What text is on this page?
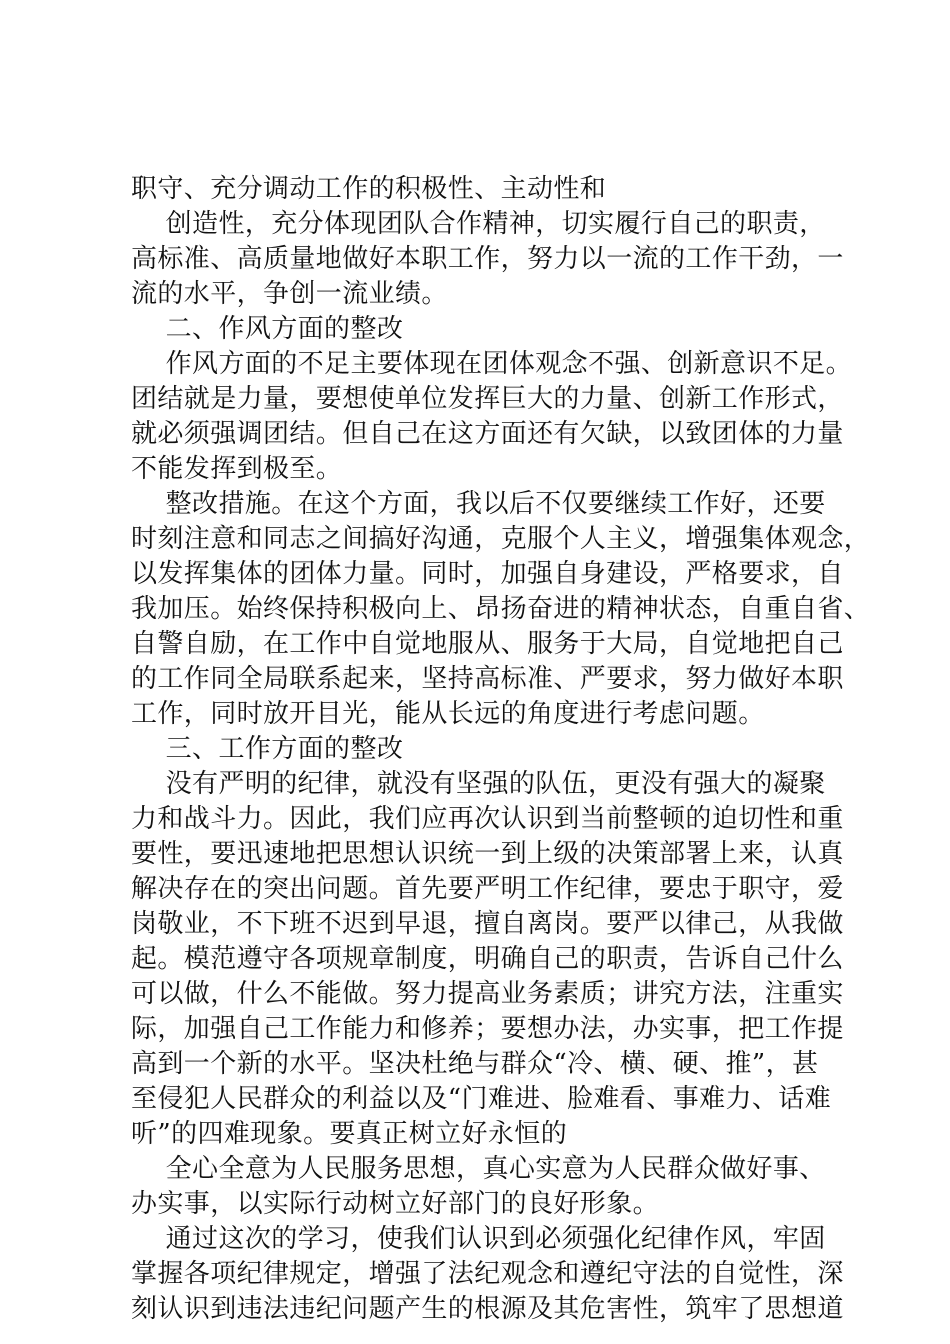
职守、充分调动工作的积极性、主动性和
创造性，充分体现团队合作精神，切实履行自己的职责，
高标准、高质量地做好本职工作，努力以一流的工作干劲，一
流的水平，争创一流业绩。
二、作风方面的整改
作风方面的不足主要体现在团体观念不强、创新意识不足。
团结就是力量，要想使单位发挥巨大的力量、创新工作形式，
就必须强调团结。但自己在这方面还有欠缺，以致团体的力量
不能发挥到极至。
整改措施。在这个方面，我以后不仅要继续工作好，还要
时刻注意和同志之间搞好沟通，克服个人主义，增强集体观念，
以发挥集体的团体力量。同时，加强自身建设，严格要求，自
我加压。始终保持积极向上、昂扬奋进的精神状态，自重自省、
自警自励，在工作中自觉地服从、服务于大局，自觉地把自己
的工作同全局联系起来，坚持高标准、严要求，努力做好本职
工作，同时放开目光，能从长远的角度进行考虑问题。
三、工作方面的整改
没有严明的纪律，就没有坚强的队伍，更没有强大的凝聚
力和战斗力。因此，我们应再次认识到当前整顿的迫切性和重
要性，要迅速地把思想认识统一到上级的决策部署上来，认真
解决存在的突出问题。首先要严明工作纪律，要忠于职守，爱
岗敬业，不下班不迟到早退，擅自离岗。要严以律己，从我做
起。模范遵守各项规章制度，明确自己的职责，告诉自己什么
可以做，什么不能做。努力提高业务素质；讲究方法，注重实
际，加强自己工作能力和修养；要想办法，办实事，把工作提
高到一个新的水平。坚决杜绝与群众“冷、横、硬、推”，甚
至侵犯人民群众的利益以及“门难进、脸难看、事难力、话难
听”的四难现象。要真正树立好永恒的
全心全意为人民服务思想，真心实意为人民群众做好事、
办实事，以实际行动树立好部门的良好形象。
通过这次的学习，使我们认识到必须强化纪律作风，牢固
掌握各项纪律规定，增强了法纪观念和遵纪守法的自觉性，深
刻认识到违法违纪问题产生的根源及其危害性，筑牢了思想道
